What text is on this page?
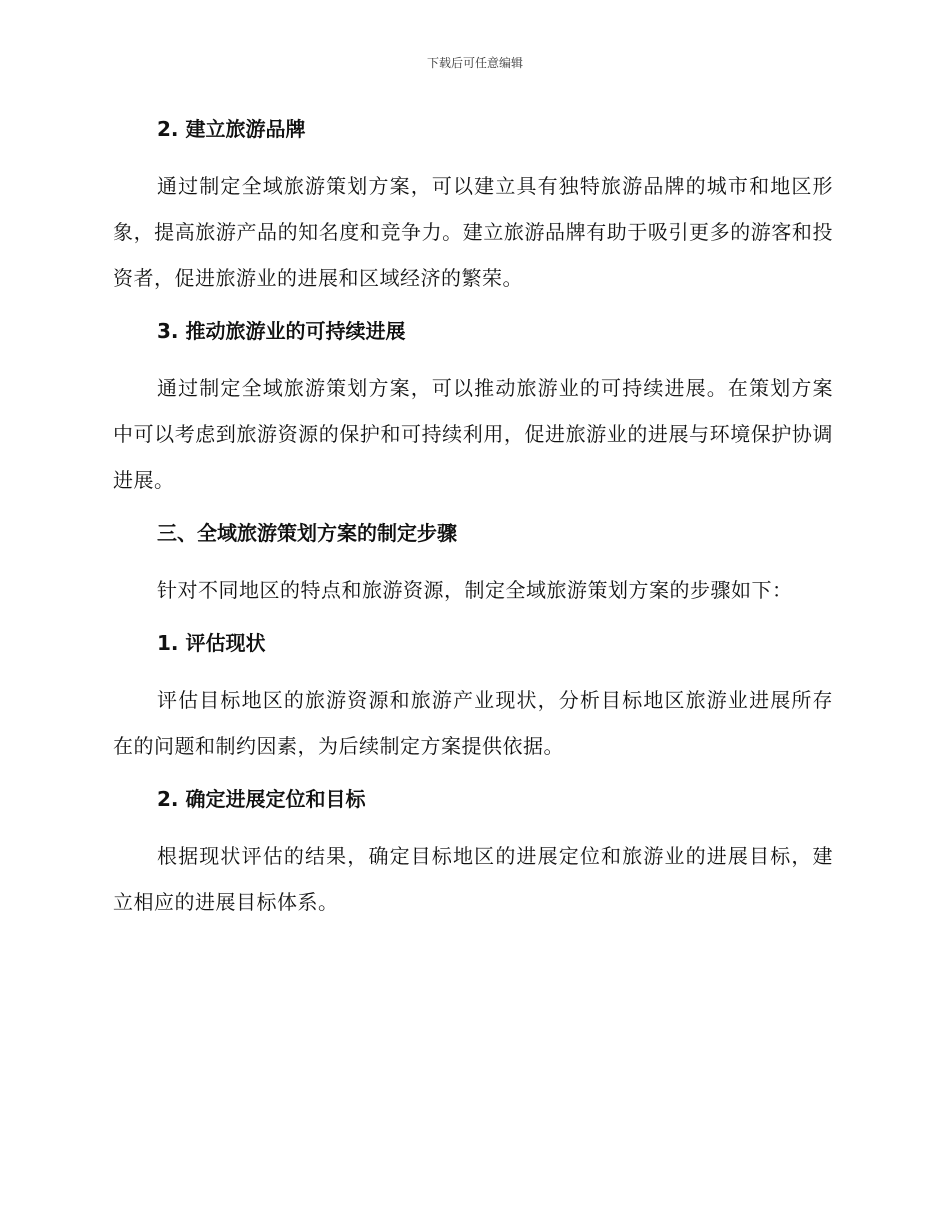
下载后可任意编辑
2. 建立旅游品牌

通过制定全域旅游策划方案，可以建立具有独特旅游品牌的城市和地区形象，提高旅游产品的知名度和竞争力。建立旅游品牌有助于吸引更多的游客和投资者，促进旅游业的进展和区域经济的繁荣。

3. 推动旅游业的可持续进展

通过制定全域旅游策划方案，可以推动旅游业的可持续进展。在策划方案中可以考虑到旅游资源的保护和可持续利用，促进旅游业的进展与环境保护协调进展。

三、全域旅游策划方案的制定步骤

针对不同地区的特点和旅游资源，制定全域旅游策划方案的步骤如下：

1. 评估现状

评估目标地区的旅游资源和旅游产业现状，分析目标地区旅游业进展所存在的问题和制约因素，为后续制定方案提供依据。

2. 确定进展定位和目标

根据现状评估的结果，确定目标地区的进展定位和旅游业的进展目标，建立相应的进展目标体系。
